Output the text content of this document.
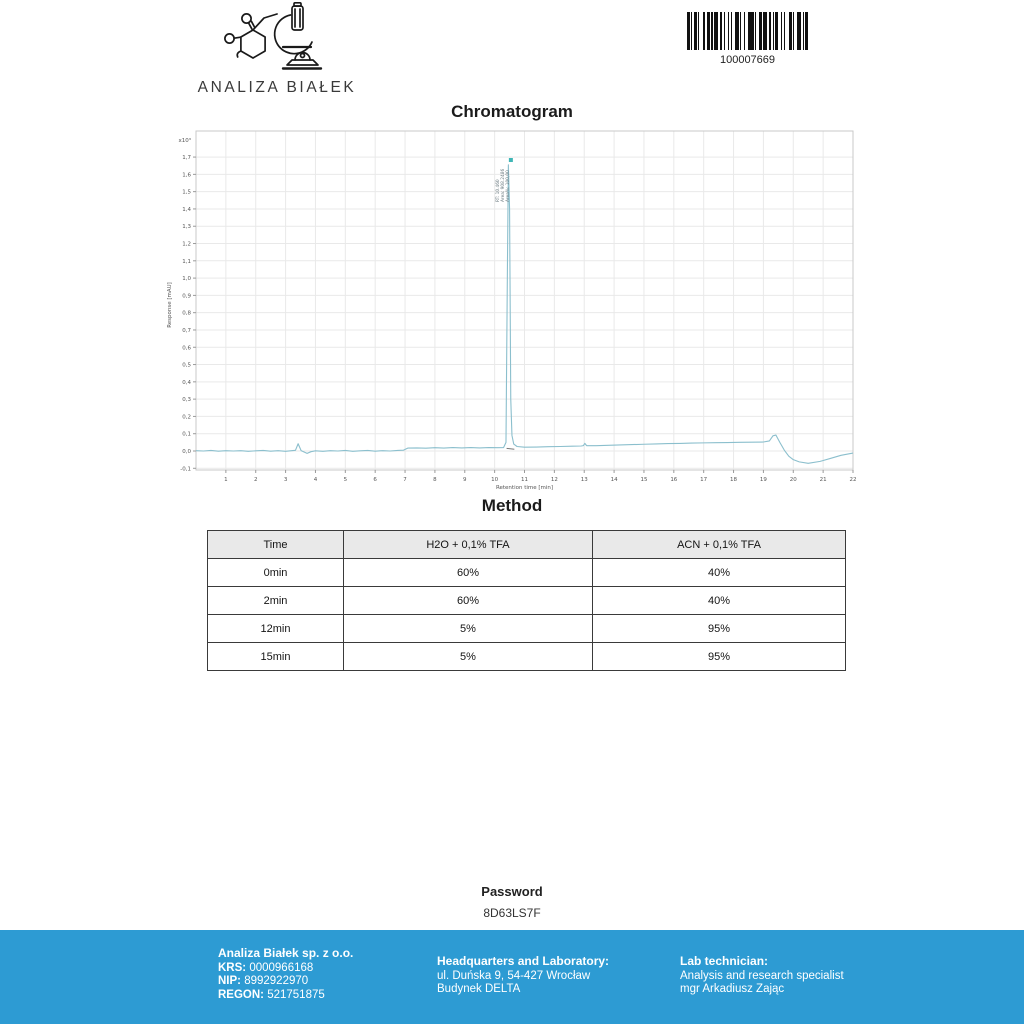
ANALIZA BIAŁEK
100007669
Chromatogram
-0,1
0,0
0,1
0,2
0,3
0,4
0,5
0,6
0,7
0,8
0,9
1,0
1,1
1,2
1,3
1,4
1,5
1,6
1,7
1	2	3	4	5	6	7	8	9	10	11	12	13	14	15	16	17	18	19	20	21	22
x10³
Retention time [min]
Response [mAU]
RT: 10.460 Area: 908.2486 Area%: 100,00
Method
Time	H2O + 0,1% TFA	ACN + 0,1% TFA
0min	60%	40%
2min	60%	40%
12min	5%	95%
15min	5%	95%
Password
8D63LS7F
Analiza Białek sp. z o.o.
KRS: 0000966168
NIP: 8992922970
REGON: 521751875
Headquarters and Laboratory:
ul. Duńska 9, 54-427 Wrocław
Budynek DELTA
Lab technician:
Analysis and research specialist
mgr Arkadiusz Zając
